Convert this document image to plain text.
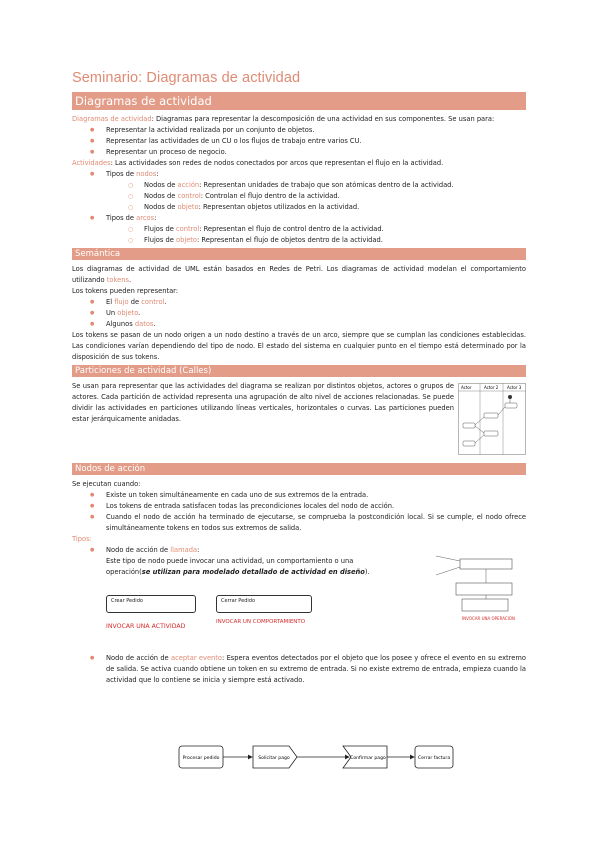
Seminario: Diagramas de actividad
Diagramas de actividad

Diagramas de actividad: Diagramas para representar la descomposición de una actividad en sus componentes. Se usan para:

● Representar la actividad realizada por un conjunto de objetos.
● Representar las actividades de un CU o los flujos de trabajo entre varios CU.
● Representar un proceso de negocio.

Actividades: Las actividades son redes de nodos conectados por arcos que representan el flujo en la actividad.

● Tipos de nodos:
○ Nodos de acción: Representan unidades de trabajo que son atómicas dentro de la actividad.
○ Nodos de control: Controlan el flujo dentro de la actividad.
○ Nodos de objeto: Representan objetos utilizados en la actividad.
● Tipos de arcos:
○ Flujos de control: Representan el flujo de control dentro de la actividad.
○ Flujos de objeto: Representan el flujo de objetos dentro de la actividad.
Semántica

Los diagramas de actividad de UML están basados en Redes de Petri. Los diagramas de actividad modelan el comportamiento utilizando tokens.

Los tokens pueden representar:

● El flujo de control.
● Un objeto.
● Algunos datos.

Los tokens se pasan de un nodo origen a un nodo destino a través de un arco, siempre que se cumplan las condiciones establecidas. Las condiciones varían dependiendo del tipo de nodo. El estado del sistema en cualquier punto en el tiempo está determinado por la disposición de sus tokens.

Particiones de actividad (Calles)

Se usan para representar que las actividades del diagrama se realizan por distintos objetos, actores o grupos de actores. Cada partición de actividad representa una agrupación de alto nivel de acciones relacionadas. Se puede dividir las actividades en particiones utilizando líneas verticales, horizontales o curvas. Las particiones pueden estar jerárquicamente anidadas.

Actor	Actor 2 Actor 3
Nodos de acción

Se ejecutan cuando:

● Existe un token simultáneamente en cada uno de sus extremos de la entrada.
● Los tokens de entrada satisfacen todas las precondiciones locales del nodo de acción.
● Cuando el nodo de acción ha terminado de ejecutarse, se comprueba la postcondición local. Si se cumple, el nodo ofrece simultáneamente tokens en todos sus extremos de salida.

Tipos:

● Nodo de acción de llamada:

Este tipo de nodo puede invocar una actividad, un comportamiento o una

operación(se utilizan para modelado detallado de actividad en diseño).

Crear Pedido	Cerrar Pedido
INVOCAR UNA ACTIVIDAD
INVOCAR UN COMPORTAMIENTO
INVOCAR UNA OPERACIÓN
● Nodo de acción de aceptar evento: Espera eventos detectados por el objeto que los posee y ofrece el evento en su extremo de salida. Se activa cuando obtiene un token en su extremo de entrada. Si no existe extremo de entrada, empieza cuando la actividad que lo contiene se inicia y siempre está activado.
Procesar pedido	Solicitar pago	Confirmar pago	Cerrar factura
